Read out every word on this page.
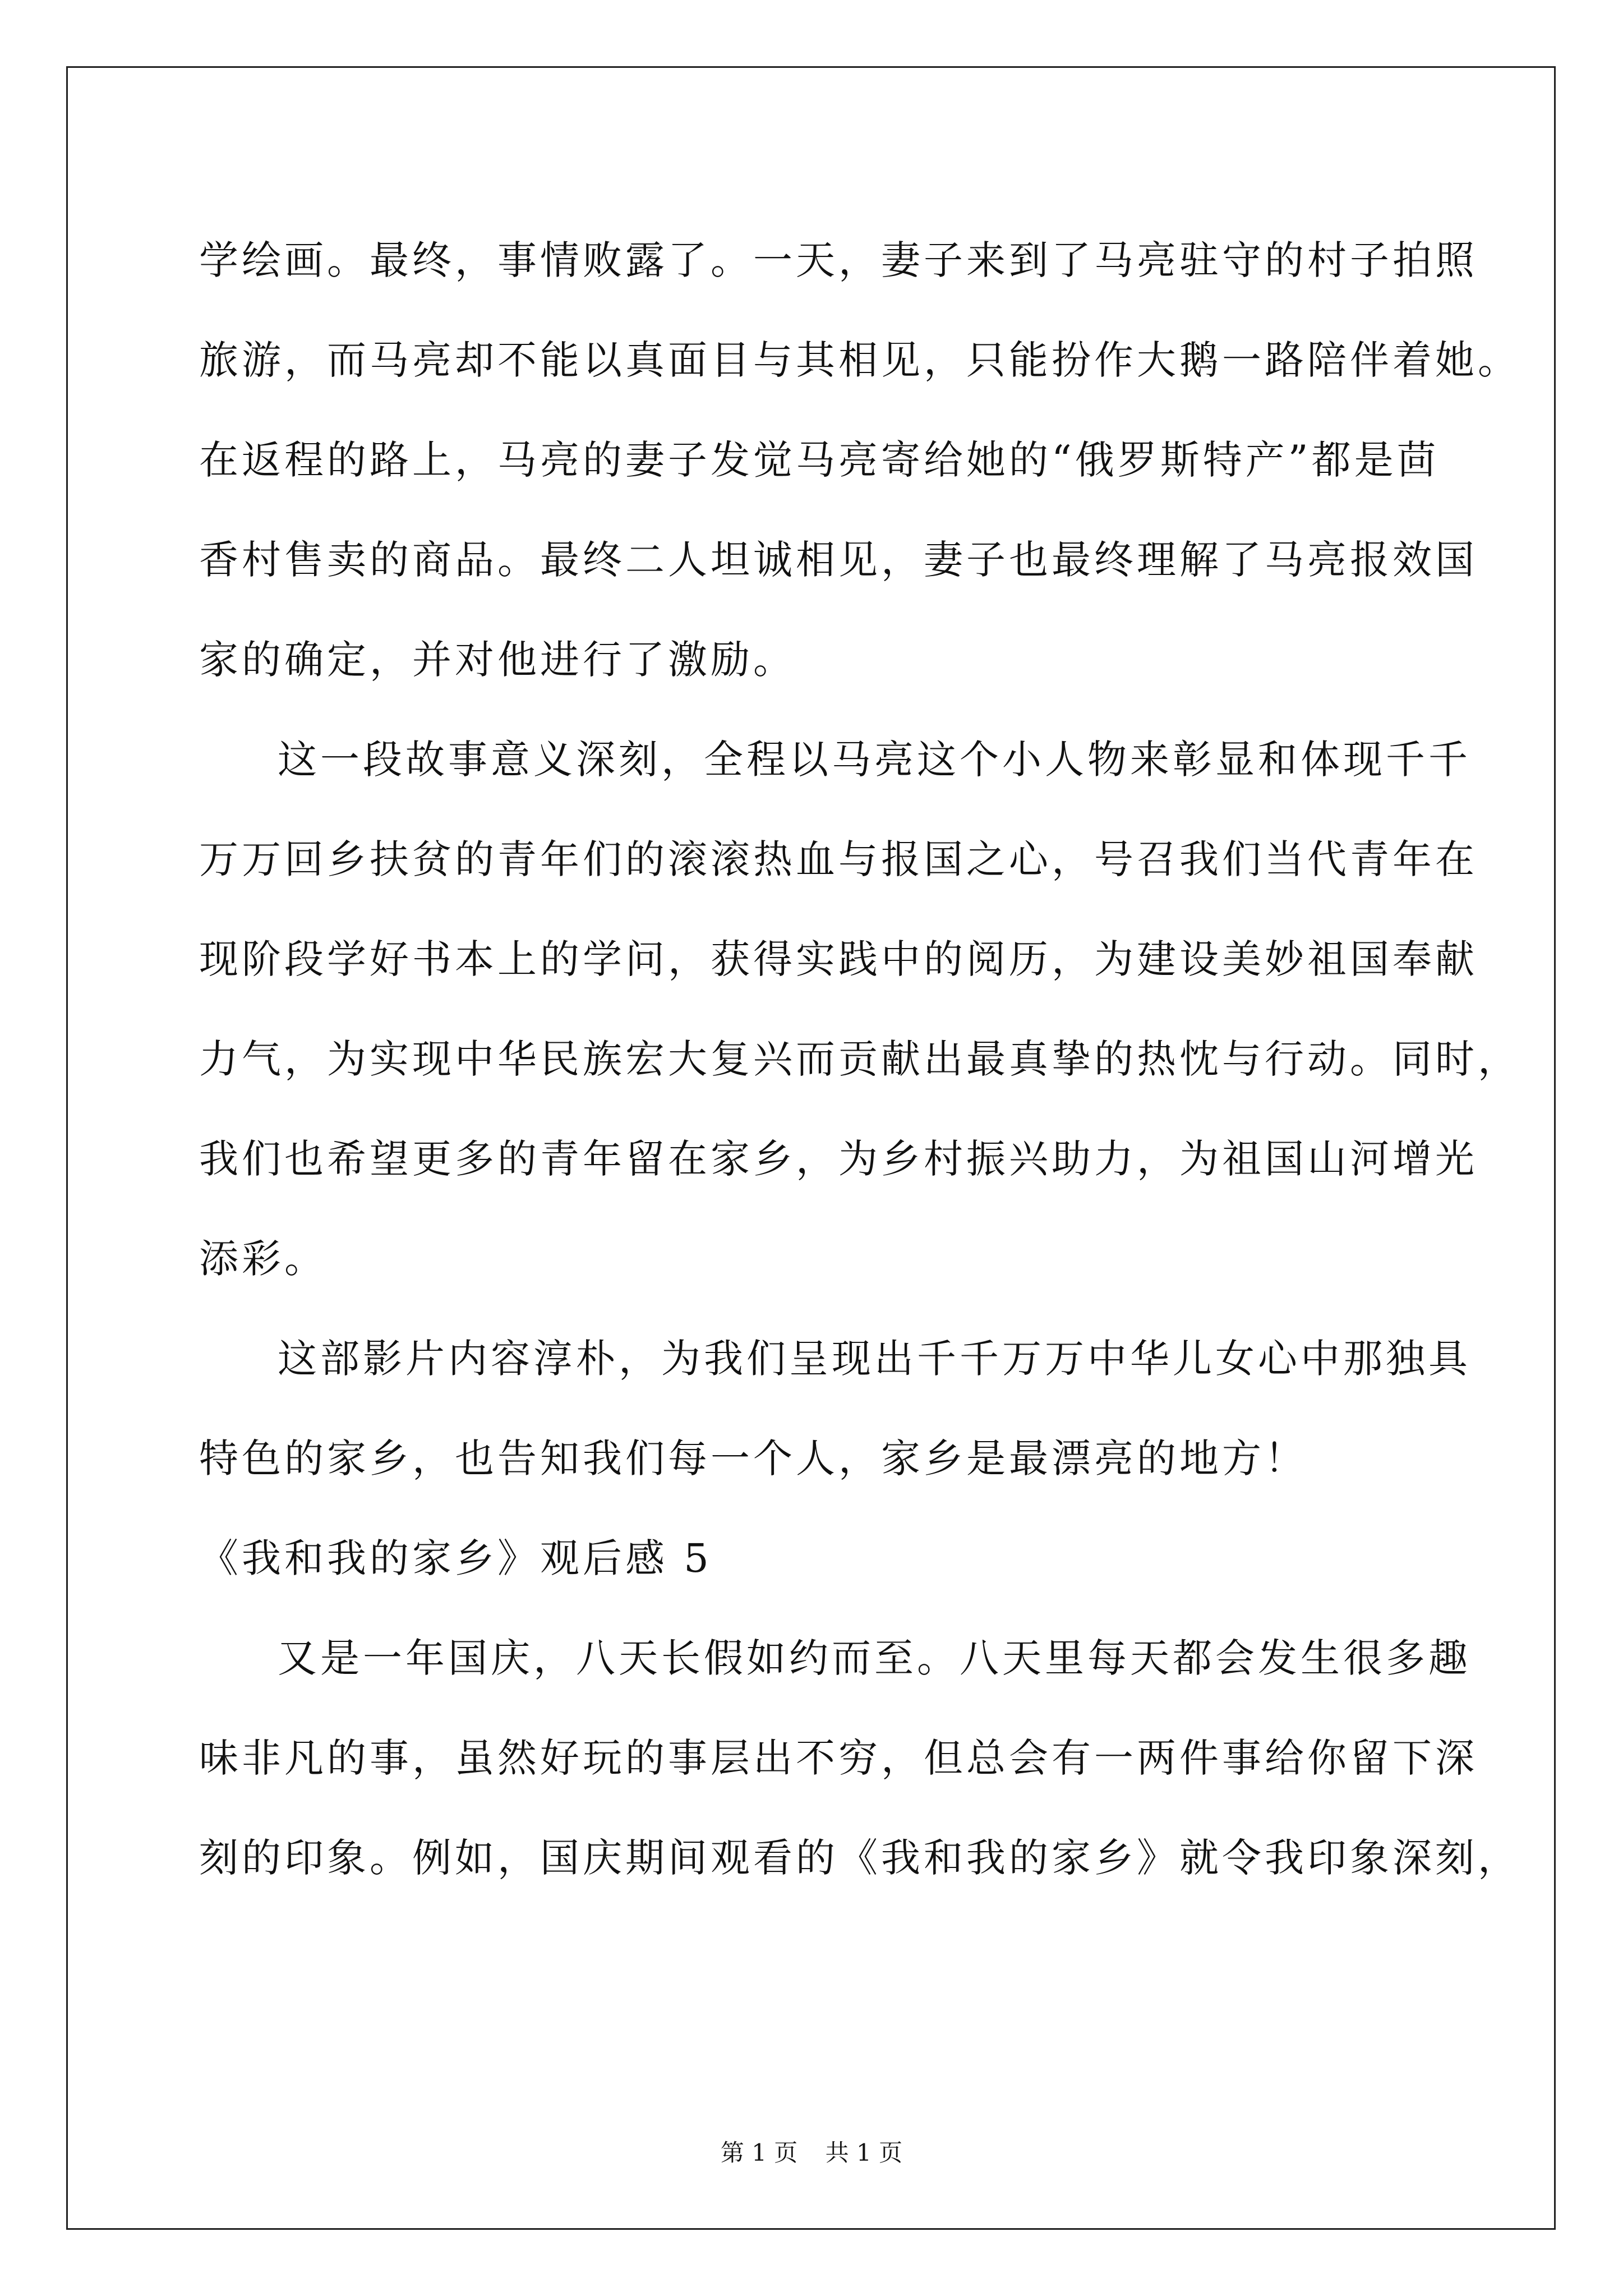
学绘画。最终，事情败露了。一天，妻子来到了马亮驻守的村子拍照
旅游，而马亮却不能以真面目与其相见，只能扮作大鹅一路陪伴着她。
在返程的路上，马亮的妻子发觉马亮寄给她的“俄罗斯特产”都是茴
香村售卖的商品。最终二人坦诚相见，妻子也最终理解了马亮报效国
家的确定，并对他进行了激励。
这一段故事意义深刻，全程以马亮这个小人物来彰显和体现千千
万万回乡扶贫的青年们的滚滚热血与报国之心，号召我们当代青年在
现阶段学好书本上的学问，获得实践中的阅历，为建设美妙祖国奉献
力气，为实现中华民族宏大复兴而贡献出最真挚的热忱与行动。同时，
我们也希望更多的青年留在家乡，为乡村振兴助力，为祖国山河增光
添彩。
这部影片内容淳朴，为我们呈现出千千万万中华儿女心中那独具
特色的家乡，也告知我们每一个人，家乡是最漂亮的地方！
《我和我的家乡》观后感 5
又是一年国庆，八天长假如约而至。八天里每天都会发生很多趣
味非凡的事，虽然好玩的事层出不穷，但总会有一两件事给你留下深
刻的印象。例如，国庆期间观看的《我和我的家乡》就令我印象深刻，
第 1 页 共 1 页
